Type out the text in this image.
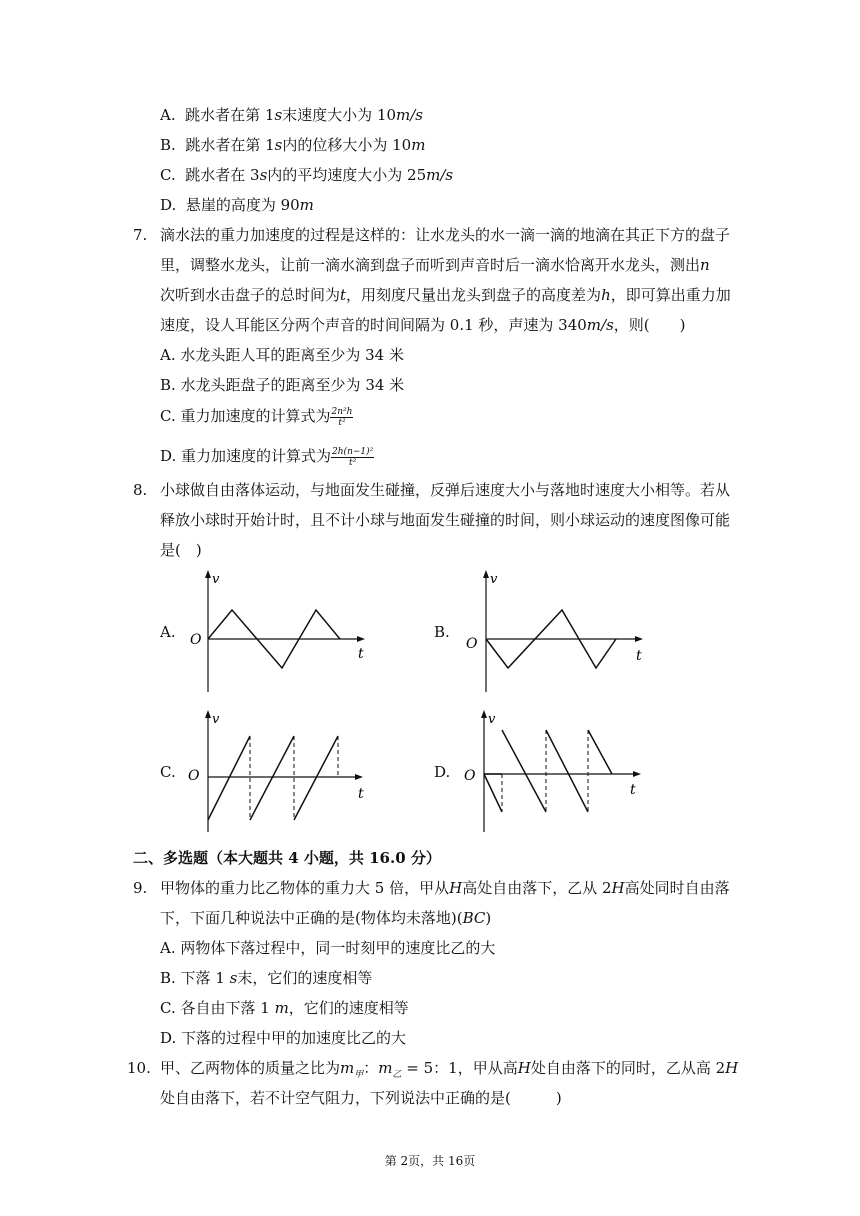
A. 跳水者在第 1s末速度大小为 10m/s
B. 跳水者在第 1s内的位移大小为 10m
C. 跳水者在 3s内的平均速度大小为 25m/s
D. 悬崖的高度为 90m
7. 滴水法的重力加速度的过程是这样的：让水龙头的水一滴一滴的地滴在其正下方的盘子
里，调整水龙头，让前一滴水滴到盘子而听到声音时后一滴水恰离开水龙头，测出n
次听到水击盘子的总时间为t，用刻度尺量出龙头到盘子的高度差为h，即可算出重力加
速度，设人耳能区分两个声音的时间间隔为 0.1 秒，声速为 340m/s，则(　　)
A. 水龙头距人耳的距离至少为 34 米
B. 水龙头距盘子的距离至少为 34 米
C. 重力加速度的计算式为 $\frac{\text{2n²h}}{\text{t²}}$
D. 重力加速度的计算式为 $\frac{\text{2h(n−1)²}}{\text{t²}}$
8. 小球做自由落体运动，与地面发生碰撞，反弹后速度大小与落地时速度大小相等。若从
释放小球时开始计时，且不计小球与地面发生碰撞的时间，则小球运动的速度图像可能
是(　)
A.
v
O
t
B.
v
O
t
C.
v
O
t
D.
v
O
t
二、多选题（本大题共 4 小题，共 16.0 分）
9. 甲物体的重力比乙物体的重力大 5 倍，甲从H高处自由落下，乙从 2H高处同时自由落
下，下面几种说法中正确的是(物体均未落地)(BC)
A. 两物体下落过程中，同一时刻甲的速度比乙的大
B. 下落 1 s末，它们的速度相等
C. 各自由下落 1 m，它们的速度相等
D. 下落的过程中甲的加速度比乙的大
10. 甲、乙两物体的质量之比为$m_甲$：$m_乙 = 5$：1，甲从高H处自由落下的同时，乙从高 2H
处自由落下，若不计空气阻力，下列说法中正确的是(　　　)
第 2页，共 16页
